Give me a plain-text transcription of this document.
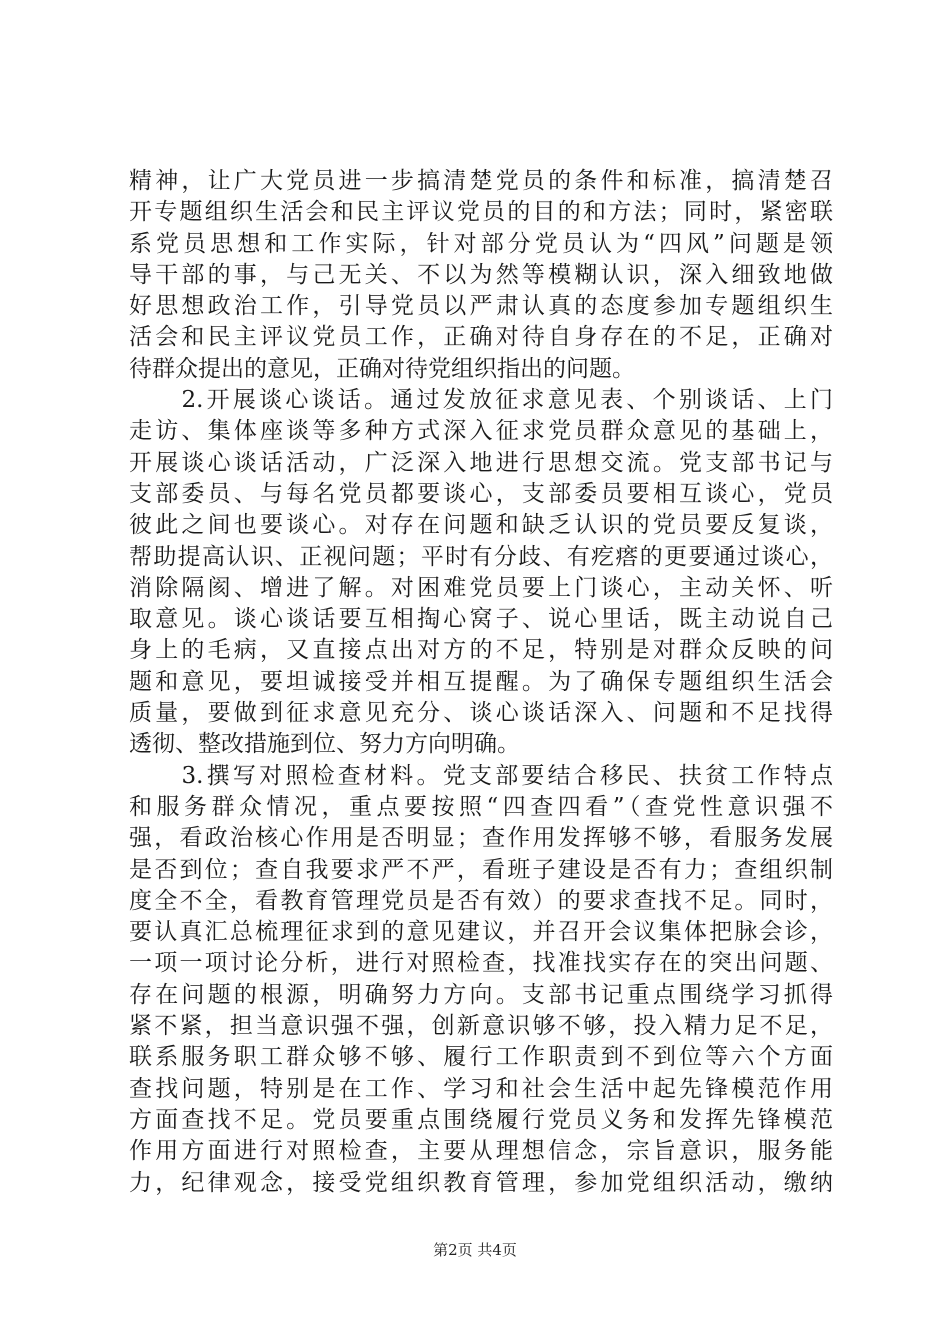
精神，让广大党员进一步搞清楚党员的条件和标准，搞清楚召
开专题组织生活会和民主评议党员的目的和方法；同时，紧密联
系党员思想和工作实际，针对部分党员认为“四风”问题是领
导干部的事，与己无关、不以为然等模糊认识，深入细致地做
好思想政治工作，引导党员以严肃认真的态度参加专题组织生
活会和民主评议党员工作，正确对待自身存在的不足，正确对
待群众提出的意见，正确对待党组织指出的问题。
　　2.开展谈心谈话。通过发放征求意见表、个别谈话、上门
走访、集体座谈等多种方式深入征求党员群众意见的基础上，
开展谈心谈话活动，广泛深入地进行思想交流。党支部书记与
支部委员、与每名党员都要谈心，支部委员要相互谈心，党员
彼此之间也要谈心。对存在问题和缺乏认识的党员要反复谈，
帮助提高认识、正视问题；平时有分歧、有疙瘩的更要通过谈心，
消除隔阂、增进了解。对困难党员要上门谈心，主动关怀、听
取意见。谈心谈话要互相掏心窝子、说心里话，既主动说自己
身上的毛病，又直接点出对方的不足，特别是对群众反映的问
题和意见，要坦诚接受并相互提醒。为了确保专题组织生活会
质量，要做到征求意见充分、谈心谈话深入、问题和不足找得
透彻、整改措施到位、努力方向明确。
　　3.撰写对照检查材料。党支部要结合移民、扶贫工作特点
和服务群众情况，重点要按照“四查四看”（查党性意识强不
强，看政治核心作用是否明显；查作用发挥够不够，看服务发展
是否到位；查自我要求严不严，看班子建设是否有力；查组织制
度全不全，看教育管理党员是否有效）的要求查找不足。同时，
要认真汇总梳理征求到的意见建议，并召开会议集体把脉会诊，
一项一项讨论分析，进行对照检查，找准找实存在的突出问题、
存在问题的根源，明确努力方向。支部书记重点围绕学习抓得
紧不紧，担当意识强不强，创新意识够不够，投入精力足不足，
联系服务职工群众够不够、履行工作职责到不到位等六个方面
查找问题，特别是在工作、学习和社会生活中起先锋模范作用
方面查找不足。党员要重点围绕履行党员义务和发挥先锋模范
作用方面进行对照检查，主要从理想信念，宗旨意识，服务能
力，纪律观念，接受党组织教育管理，参加党组织活动，缴纳
第2页 共4页
